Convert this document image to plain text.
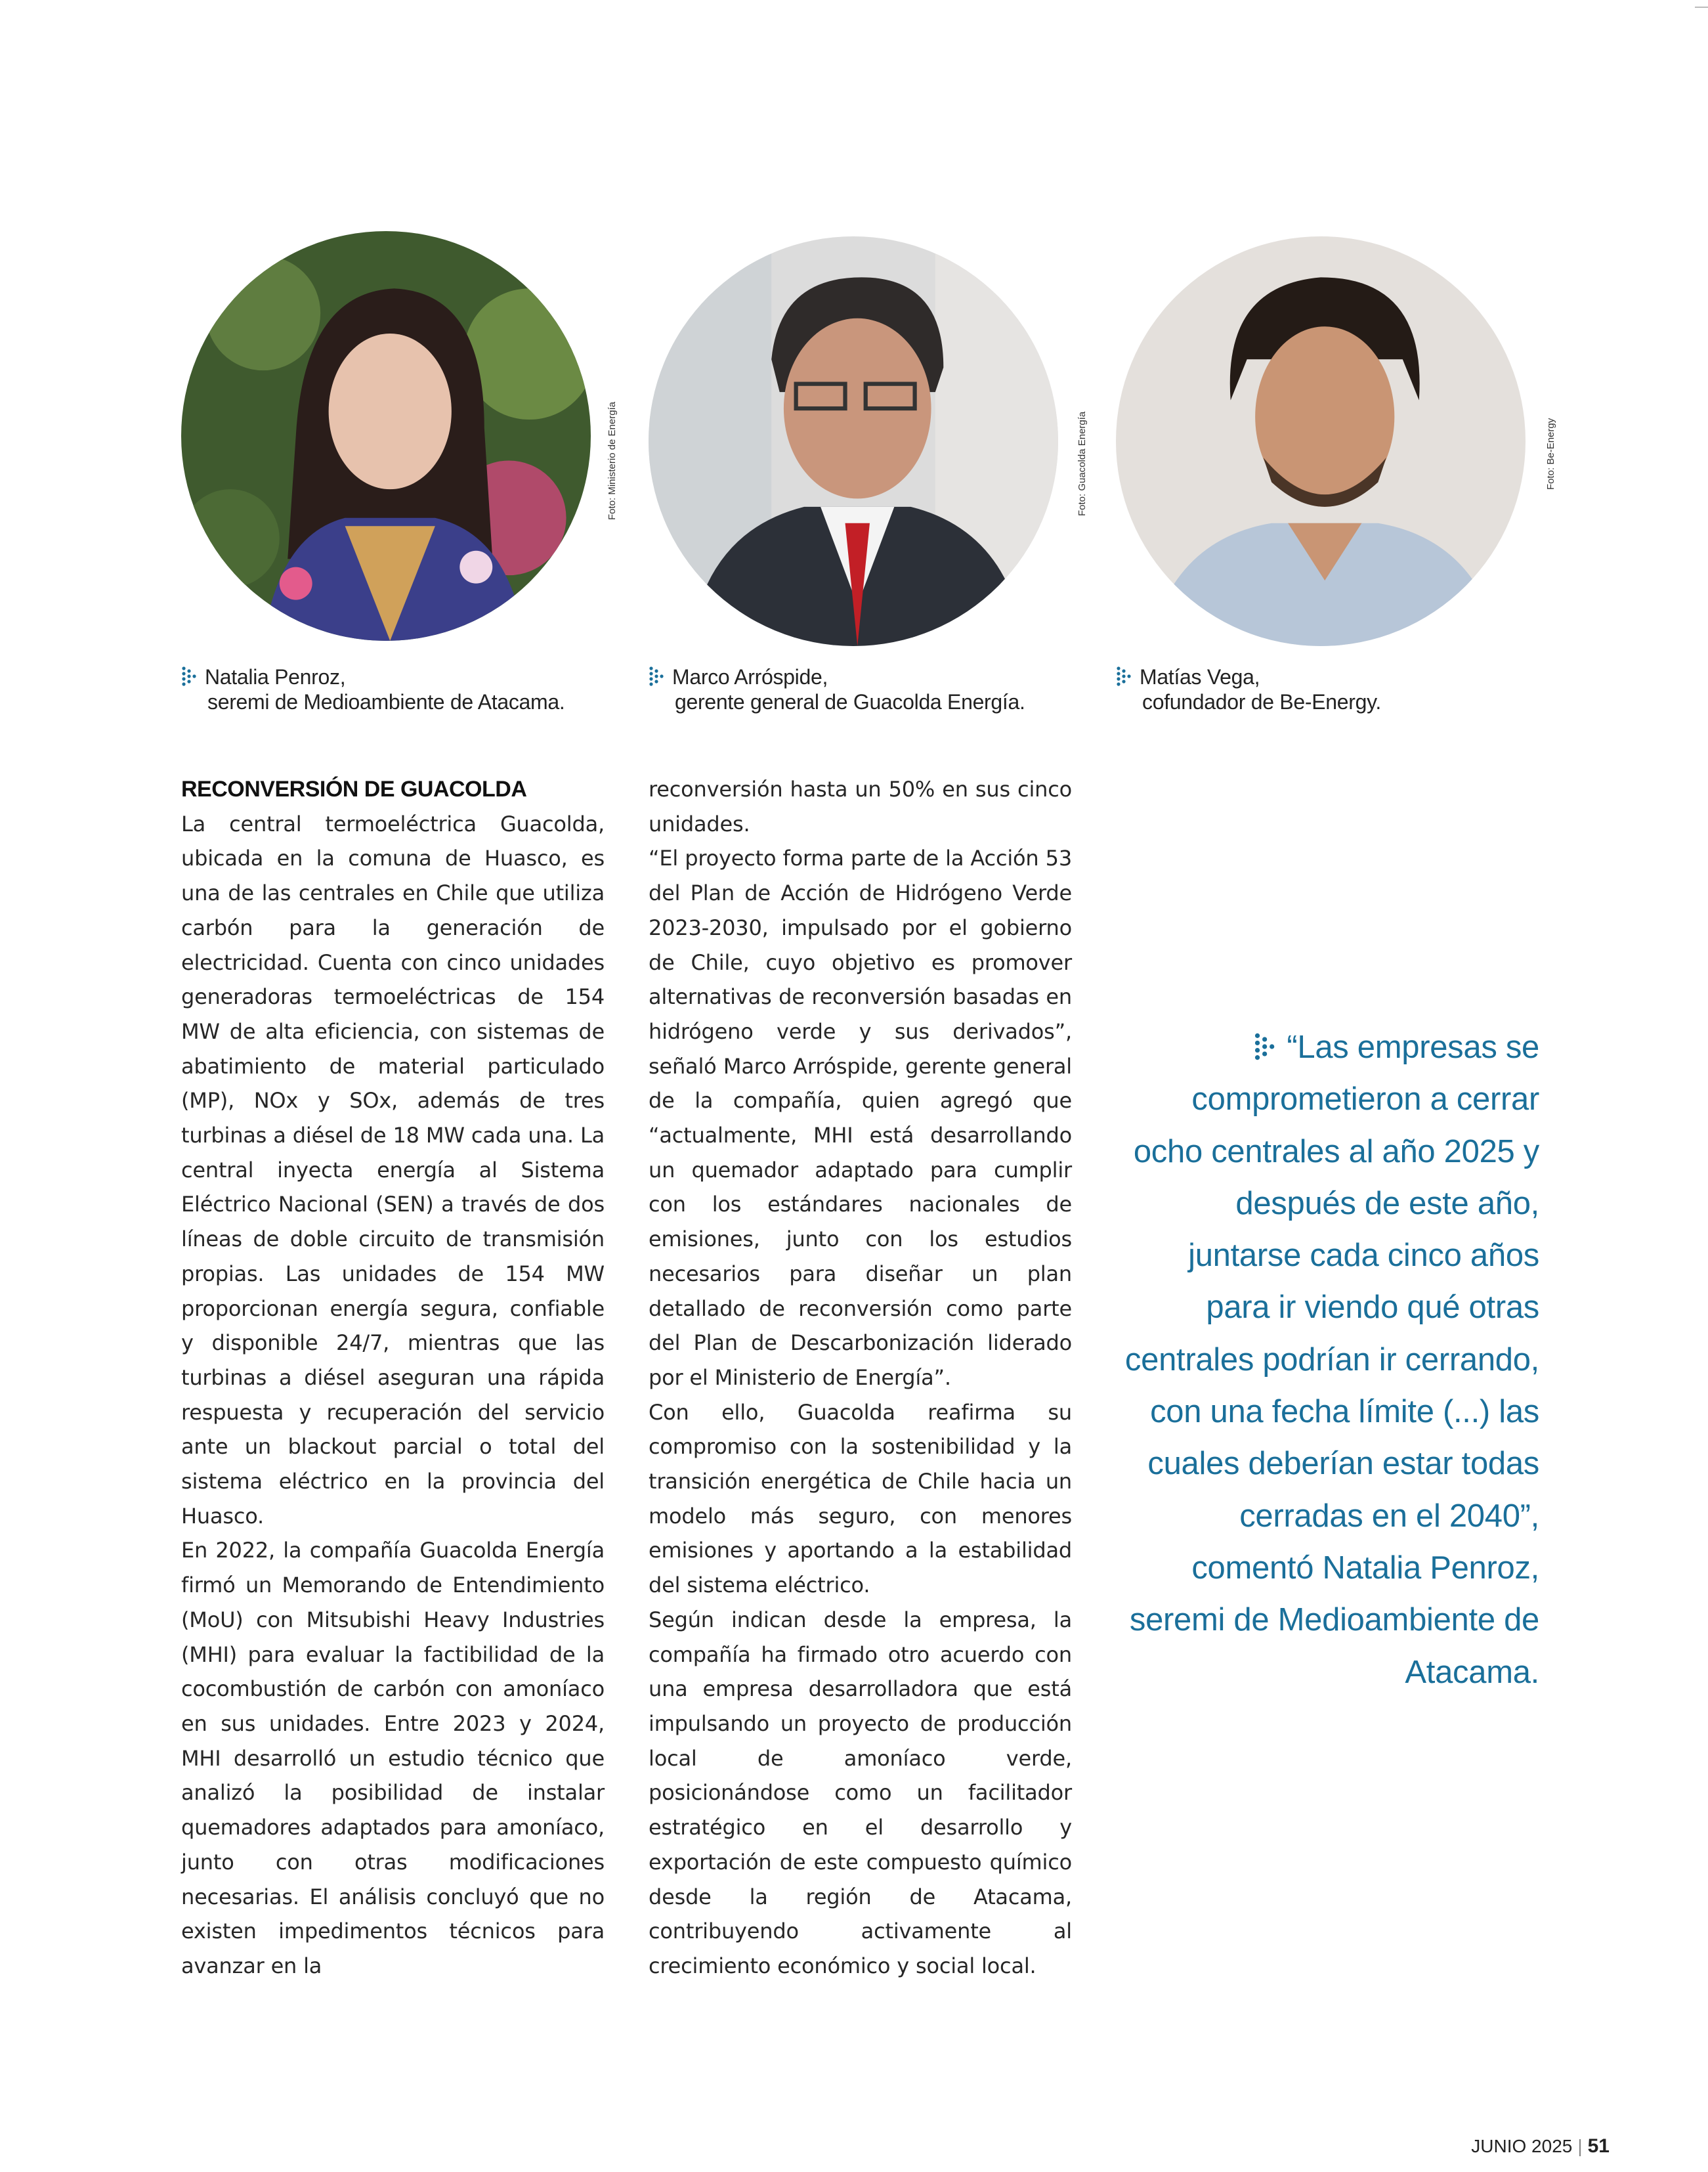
Foto: Ministerio de Energía	Foto: Guacolda Energía	Foto: Be-Energy
Natalia Penroz,
seremi de Medioambiente de Atacama.
Marco Arróspide,
gerente general de Guacolda Energía.
Matías Vega,
cofundador de Be-Energy.

RECONVERSIÓN DE GUACOLDA

La central termoeléctrica Guacolda, ubicada en la comuna de Huasco, es una de las centrales en Chile que utiliza carbón para la generación de electricidad. Cuenta con cinco unidades generadoras termoeléctricas de 154 MW de alta eficiencia, con sistemas de abatimiento de material particulado (MP), NOx y SOx, además de tres turbinas a diésel de 18 MW cada una. La central inyecta energía al Sistema Eléctrico Nacional (SEN) a través de dos líneas de doble circuito de transmisión propias. Las unidades de 154 MW proporcionan energía segura, confiable y disponible 24/7, mientras que las turbinas a diésel aseguran una rápida respuesta y recuperación del servicio ante un blackout parcial o total del sistema eléctrico en la provincia del Huasco.

En 2022, la compañía Guacolda Energía firmó un Memorando de Entendimiento (MoU) con Mitsubishi Heavy Industries (MHI) para evaluar la factibilidad de la cocombustión de carbón con amoníaco en sus unidades. Entre 2023 y 2024, MHI desarrolló un estudio técnico que analizó la posibilidad de instalar quemadores adaptados para amoníaco, junto con otras modificaciones necesarias. El análisis concluyó que no existen impedimentos técnicos para avanzar en la

reconversión hasta un 50% en sus cinco unidades.

“El proyecto forma parte de la Acción 53 del Plan de Acción de Hidrógeno Verde 2023-2030, impulsado por el gobierno de Chile, cuyo objetivo es promover alternativas de reconversión basadas en hidrógeno verde y sus derivados”, señaló Marco Arróspide, gerente general de la compañía, quien agregó que “actualmente, MHI está desarrollando un quemador adaptado para cumplir con los estándares nacionales de emisiones, junto con los estudios necesarios para diseñar un plan detallado de reconversión como parte del Plan de Descarbonización liderado por el Ministerio de Energía”.

Con ello, Guacolda reafirma su compromiso con la sostenibilidad y la transición energética de Chile hacia un modelo más seguro, con menores emisiones y aportando a la estabilidad del sistema eléctrico.

Según indican desde la empresa, la compañía ha firmado otro acuerdo con una empresa desarrolladora que está impulsando un proyecto de producción local de amoníaco verde, posicionándose como un facilitador estratégico en el desarrollo y exportación de este compuesto químico desde la región de Atacama, contribuyendo activamente al crecimiento económico y social local.

“Las empresas se comprometieron a cerrar ocho centrales al año 2025 y después de este año, juntarse cada cinco años para ir viendo qué otras centrales podrían ir cerrando, con una fecha límite (...) las cuales deberían estar todas cerradas en el 2040”, comentó Natalia Penroz, seremi de Medioambiente de Atacama.
JUNIO 2025 | 51
